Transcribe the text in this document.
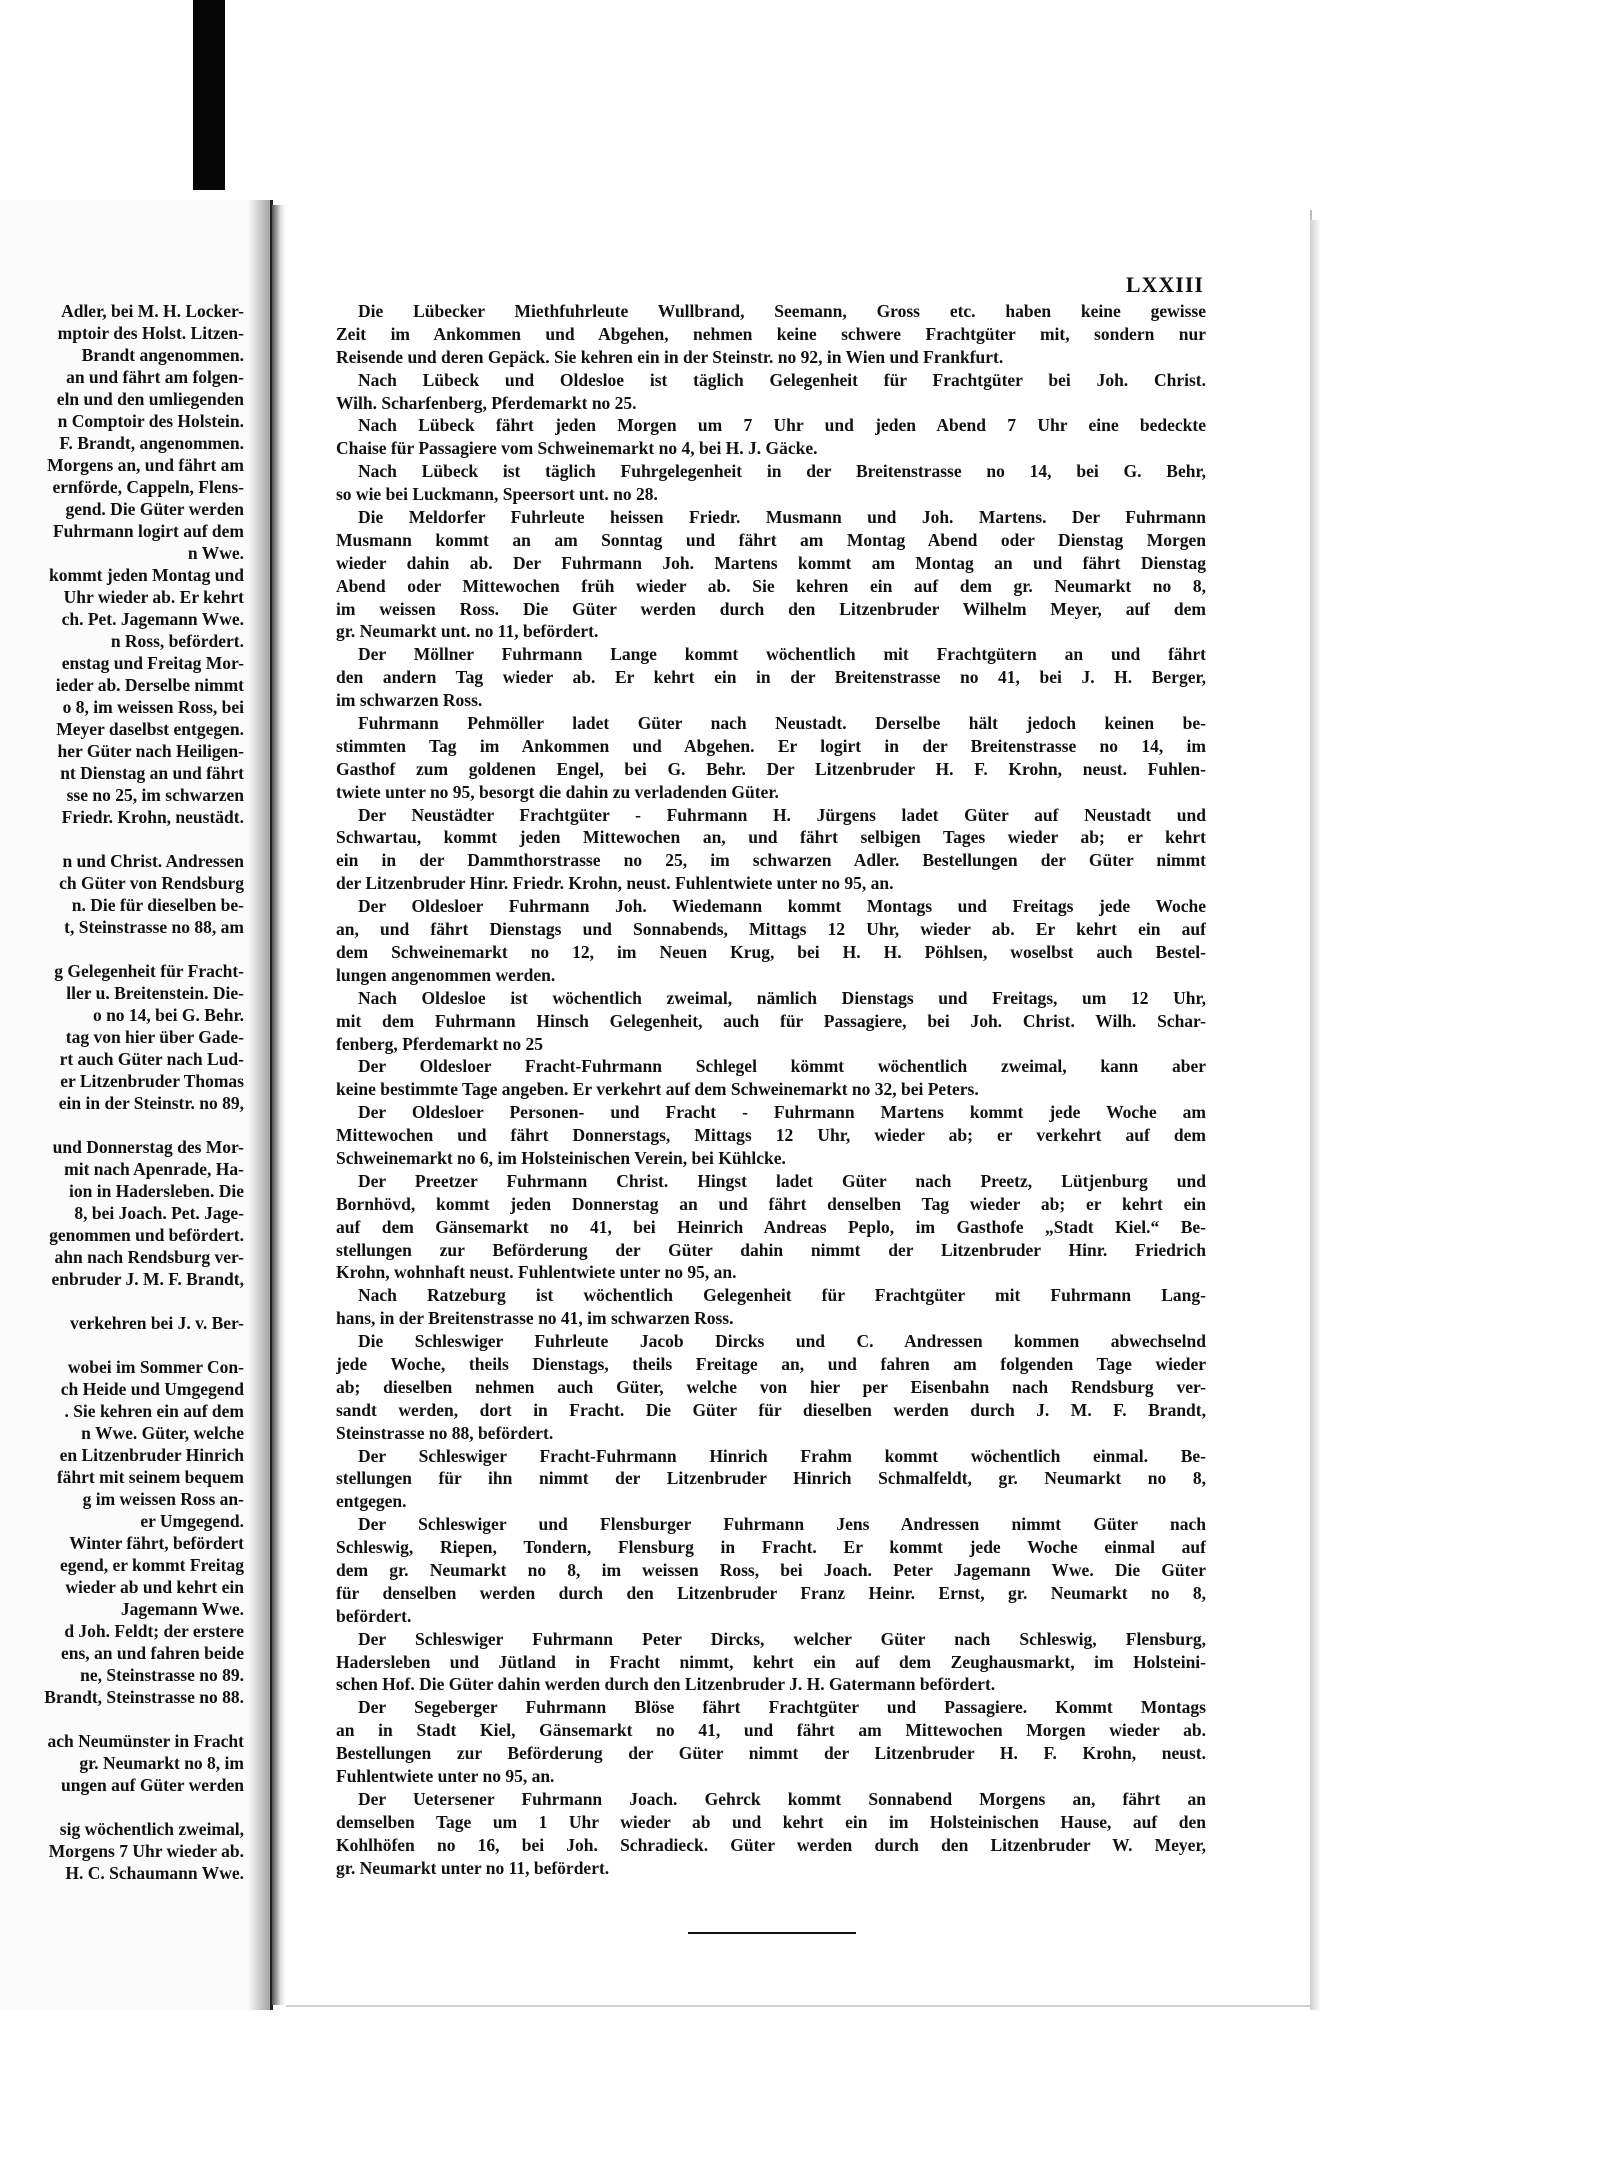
Adler, bei M. H. Locker-
mptoir des Holst. Litzen-
Brandt angenommen.
an und fährt am folgen-
eln und den umliegenden
n Comptoir des Holstein.
F. Brandt, angenommen.
Morgens an, und fährt am
ernförde, Cappeln, Flens-
gend. Die Güter werden
Fuhrmann logirt auf dem
n Wwe.
kommt jeden Montag und
Uhr wieder ab. Er kehrt
ch. Pet. Jagemann Wwe.
n Ross, befördert.
enstag und Freitag Mor-
ieder ab. Derselbe nimmt
o 8, im weissen Ross, bei
Meyer daselbst entgegen.
her Güter nach Heiligen-
nt Dienstag an und fährt
sse no 25, im schwarzen
Friedr. Krohn, neustädt.
n und Christ. Andressen
ch Güter von Rendsburg
n. Die für dieselben be-
t, Steinstrasse no 88, am
g Gelegenheit für Fracht-
ller u. Breitenstein. Die-
o no 14, bei G. Behr.
tag von hier über Gade-
rt auch Güter nach Lud-
er Litzenbruder Thomas
ein in der Steinstr. no 89,
und Donnerstag des Mor-
mit nach Apenrade, Ha-
ion in Hadersleben. Die
8, bei Joach. Pet. Jage-
genommen und befördert.
ahn nach Rendsburg ver-
enbruder J. M. F. Brandt,
verkehren bei J. v. Ber-
wobei im Sommer Con-
ch Heide und Umgegend
. Sie kehren ein auf dem
n Wwe. Güter, welche
en Litzenbruder Hinrich
fährt mit seinem bequem
g im weissen Ross an-
er Umgegend.
Winter fährt, befördert
egend, er kommt Freitag
wieder ab und kehrt ein
Jagemann Wwe.
d Joh. Feldt; der erstere
ens, an und fahren beide
ne, Steinstrasse no 89.
Brandt, Steinstrasse no 88.
ach Neumünster in Fracht
gr. Neumarkt no 8, im
ungen auf Güter werden
sig wöchentlich zweimal,
Morgens 7 Uhr wieder ab.
H. C. Schaumann Wwe.
LXXIII

Die Lübecker Miethfuhrleute Wullbrand, Seemann, Gross etc. haben keine gewisse
Zeit im Ankommen und Abgehen, nehmen keine schwere Frachtgüter mit, sondern nur
Reisende und deren Gepäck. Sie kehren ein in der Steinstr. no 92, in Wien und Frankfurt.

Nach Lübeck und Oldesloe ist täglich Gelegenheit für Frachtgüter bei Joh. Christ.
Wilh. Scharfenberg, Pferdemarkt no 25.

Nach Lübeck fährt jeden Morgen um 7 Uhr und jeden Abend 7 Uhr eine bedeckte
Chaise für Passagiere vom Schweinemarkt no 4, bei H. J. Gäcke.

Nach Lübeck ist täglich Fuhrgelegenheit in der Breitenstrasse no 14, bei G. Behr,
so wie bei Luckmann, Speersort unt. no 28.

Die Meldorfer Fuhrleute heissen Friedr. Musmann und Joh. Martens. Der Fuhrmann
Musmann kommt an am Sonntag und fährt am Montag Abend oder Dienstag Morgen
wieder dahin ab. Der Fuhrmann Joh. Martens kommt am Montag an und fährt Dienstag
Abend oder Mittewochen früh wieder ab. Sie kehren ein auf dem gr. Neumarkt no 8,
im weissen Ross. Die Güter werden durch den Litzenbruder Wilhelm Meyer, auf dem
gr. Neumarkt unt. no 11, befördert.

Der Möllner Fuhrmann Lange kommt wöchentlich mit Frachtgütern an und fährt
den andern Tag wieder ab. Er kehrt ein in der Breitenstrasse no 41, bei J. H. Berger,
im schwarzen Ross.

Fuhrmann Pehmöller ladet Güter nach Neustadt. Derselbe hält jedoch keinen be-
stimmten Tag im Ankommen und Abgehen. Er logirt in der Breitenstrasse no 14, im
Gasthof zum goldenen Engel, bei G. Behr. Der Litzenbruder H. F. Krohn, neust. Fuhlen-
twiete unter no 95, besorgt die dahin zu verladenden Güter.

Der Neustädter Frachtgüter - Fuhrmann H. Jürgens ladet Güter auf Neustadt und
Schwartau, kommt jeden Mittewochen an, und fährt selbigen Tages wieder ab; er kehrt
ein in der Dammthorstrasse no 25, im schwarzen Adler. Bestellungen der Güter nimmt
der Litzenbruder Hinr. Friedr. Krohn, neust. Fuhlentwiete unter no 95, an.

Der Oldesloer Fuhrmann Joh. Wiedemann kommt Montags und Freitags jede Woche
an, und fährt Dienstags und Sonnabends, Mittags 12 Uhr, wieder ab. Er kehrt ein auf
dem Schweinemarkt no 12, im Neuen Krug, bei H. H. Pöhlsen, woselbst auch Bestel-
lungen angenommen werden.

Nach Oldesloe ist wöchentlich zweimal, nämlich Dienstags und Freitags, um 12 Uhr,
mit dem Fuhrmann Hinsch Gelegenheit, auch für Passagiere, bei Joh. Christ. Wilh. Schar-
fenberg, Pferdemarkt no 25

Der Oldesloer Fracht-Fuhrmann Schlegel kömmt wöchentlich zweimal, kann aber
keine bestimmte Tage angeben. Er verkehrt auf dem Schweinemarkt no 32, bei Peters.

Der Oldesloer Personen- und Fracht - Fuhrmann Martens kommt jede Woche am
Mittewochen und fährt Donnerstags, Mittags 12 Uhr, wieder ab; er verkehrt auf dem
Schweinemarkt no 6, im Holsteinischen Verein, bei Kühlcke.

Der Preetzer Fuhrmann Christ. Hingst ladet Güter nach Preetz, Lütjenburg und
Bornhövd, kommt jeden Donnerstag an und fährt denselben Tag wieder ab; er kehrt ein
auf dem Gänsemarkt no 41, bei Heinrich Andreas Peplo, im Gasthofe „Stadt Kiel.“ Be-
stellungen zur Beförderung der Güter dahin nimmt der Litzenbruder Hinr. Friedrich
Krohn, wohnhaft neust. Fuhlentwiete unter no 95, an.

Nach Ratzeburg ist wöchentlich Gelegenheit für Frachtgüter mit Fuhrmann Lang-
hans, in der Breitenstrasse no 41, im schwarzen Ross.

Die Schleswiger Fuhrleute Jacob Dircks und C. Andressen kommen abwechselnd
jede Woche, theils Dienstags, theils Freitage an, und fahren am folgenden Tage wieder
ab; dieselben nehmen auch Güter, welche von hier per Eisenbahn nach Rendsburg ver-
sandt werden, dort in Fracht. Die Güter für dieselben werden durch J. M. F. Brandt,
Steinstrasse no 88, befördert.

Der Schleswiger Fracht-Fuhrmann Hinrich Frahm kommt wöchentlich einmal. Be-
stellungen für ihn nimmt der Litzenbruder Hinrich Schmalfeldt, gr. Neumarkt no 8,
entgegen.

Der Schleswiger und Flensburger Fuhrmann Jens Andressen nimmt Güter nach
Schleswig, Riepen, Tondern, Flensburg in Fracht. Er kommt jede Woche einmal auf
dem gr. Neumarkt no 8, im weissen Ross, bei Joach. Peter Jagemann Wwe. Die Güter
für denselben werden durch den Litzenbruder Franz Heinr. Ernst, gr. Neumarkt no 8,
befördert.

Der Schleswiger Fuhrmann Peter Dircks, welcher Güter nach Schleswig, Flensburg,
Hadersleben und Jütland in Fracht nimmt, kehrt ein auf dem Zeughausmarkt, im Holsteini-
schen Hof. Die Güter dahin werden durch den Litzenbruder J. H. Gatermann befördert.

Der Segeberger Fuhrmann Blöse fährt Frachtgüter und Passagiere. Kommt Montags
an in Stadt Kiel, Gänsemarkt no 41, und fährt am Mittewochen Morgen wieder ab.
Bestellungen zur Beförderung der Güter nimmt der Litzenbruder H. F. Krohn, neust.
Fuhlentwiete unter no 95, an.

Der Uetersener Fuhrmann Joach. Gehrck kommt Sonnabend Morgens an, fährt an
demselben Tage um 1 Uhr wieder ab und kehrt ein im Holsteinischen Hause, auf den
Kohlhöfen no 16, bei Joh. Schradieck. Güter werden durch den Litzenbruder W. Meyer,
gr. Neumarkt unter no 11, befördert.
